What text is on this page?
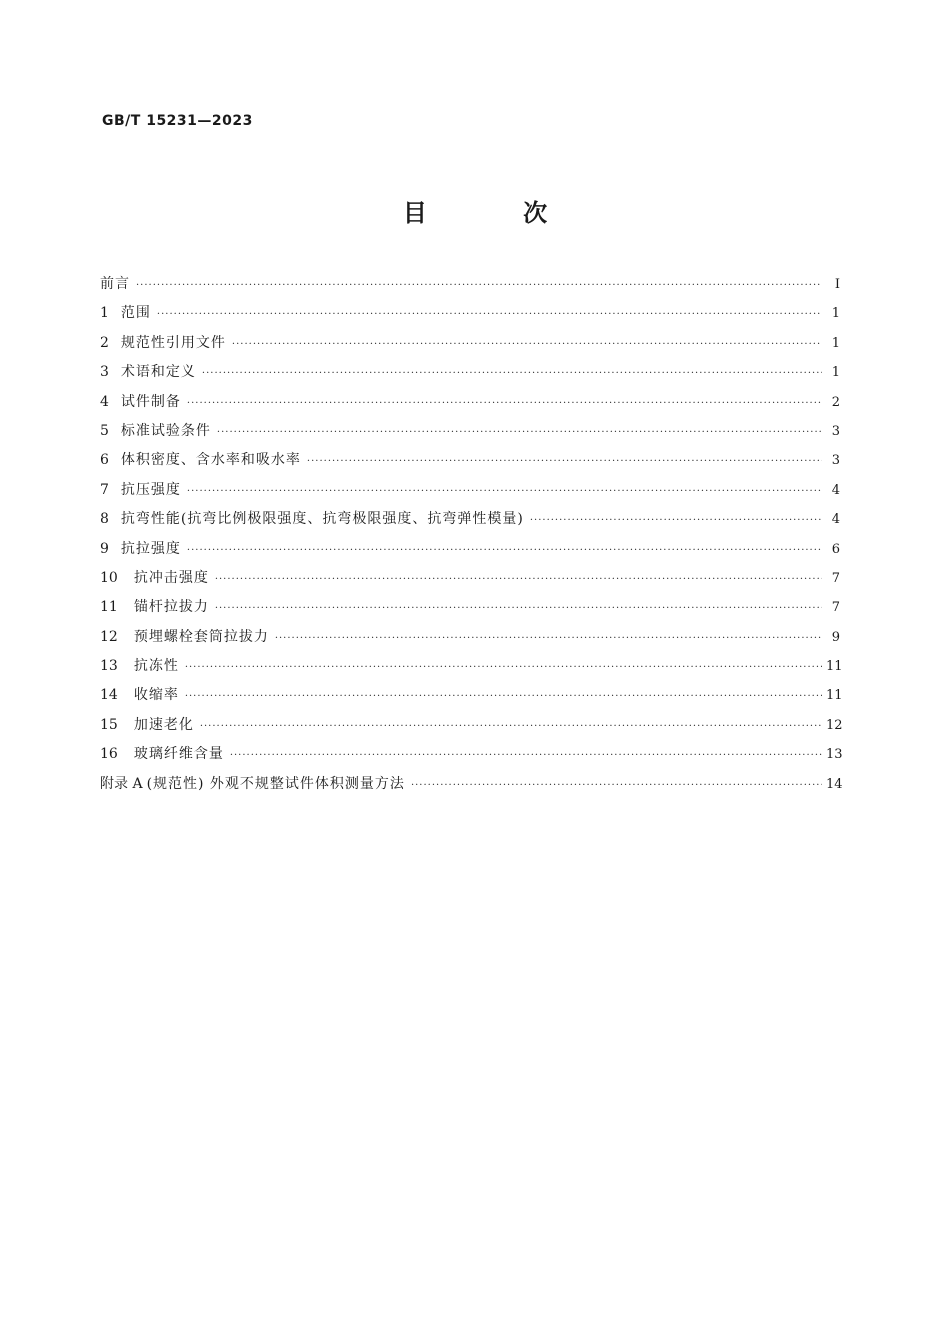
GB/T 15231—2023
目 次
前言 ·····	Ⅰ
1 范围 ·····	1
2 规范性引用文件 ·····	1
3 术语和定义 ·····	1
4 试件制备 ·····	2
5 标准试验条件 ·····	3
6 体积密度、含水率和吸水率 ·····	3
7 抗压强度 ·····	4
8 抗弯性能(抗弯比例极限强度、抗弯极限强度、抗弯弹性模量) ·····	4
9 抗拉强度 ·····	6
10 抗冲击强度 ·····	7
11 锚杆拉拔力 ·····	7
12 预埋螺栓套筒拉拔力 ·····	9
13 抗冻性 ·····	11
14 收缩率 ·····	11
15 加速老化 ·····	12
16 玻璃纤维含量 ·····	13
附录 A (规范性) 外观不规整试件体积测量方法 ·····	14
